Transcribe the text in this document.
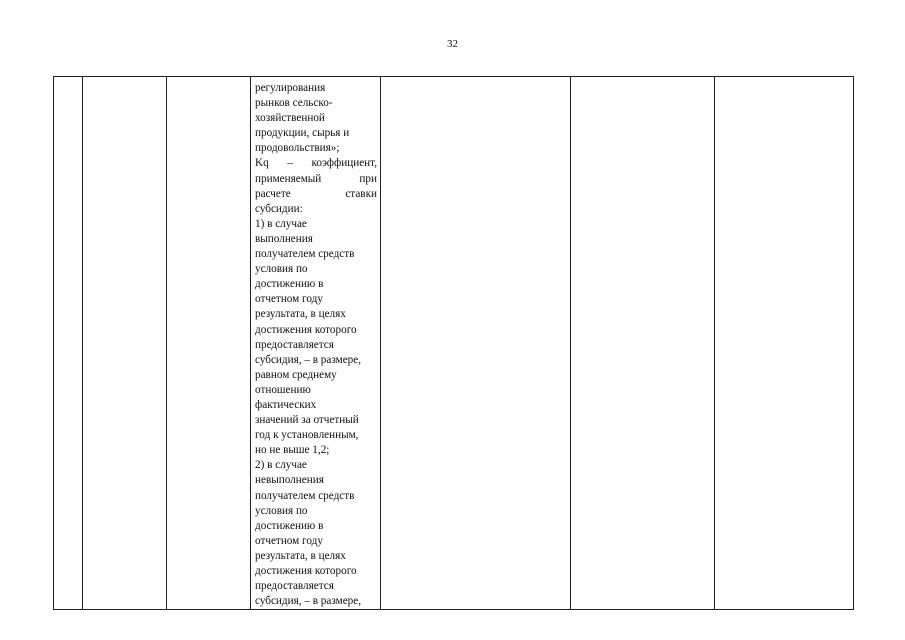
32

регулирования
рынков сельско-
хозяйственной
продукции, сырья и
продовольствия»;
Kq – коэффициент,
применяемый	при
расчете	ставки
субсидии:
1) в случае
выполнения
получателем средств
условия по
достижению в
отчетном году
результата, в целях
достижения которого
предоставляется
субсидия, – в размере,
равном среднему
отношению
фактических
значений за отчетный
год к установленным,
но не выше 1,2;
2) в случае
невыполнения
получателем средств
условия по
достижению в
отчетном году
результата, в целях
достижения которого
предоставляется
субсидия, – в размере,
